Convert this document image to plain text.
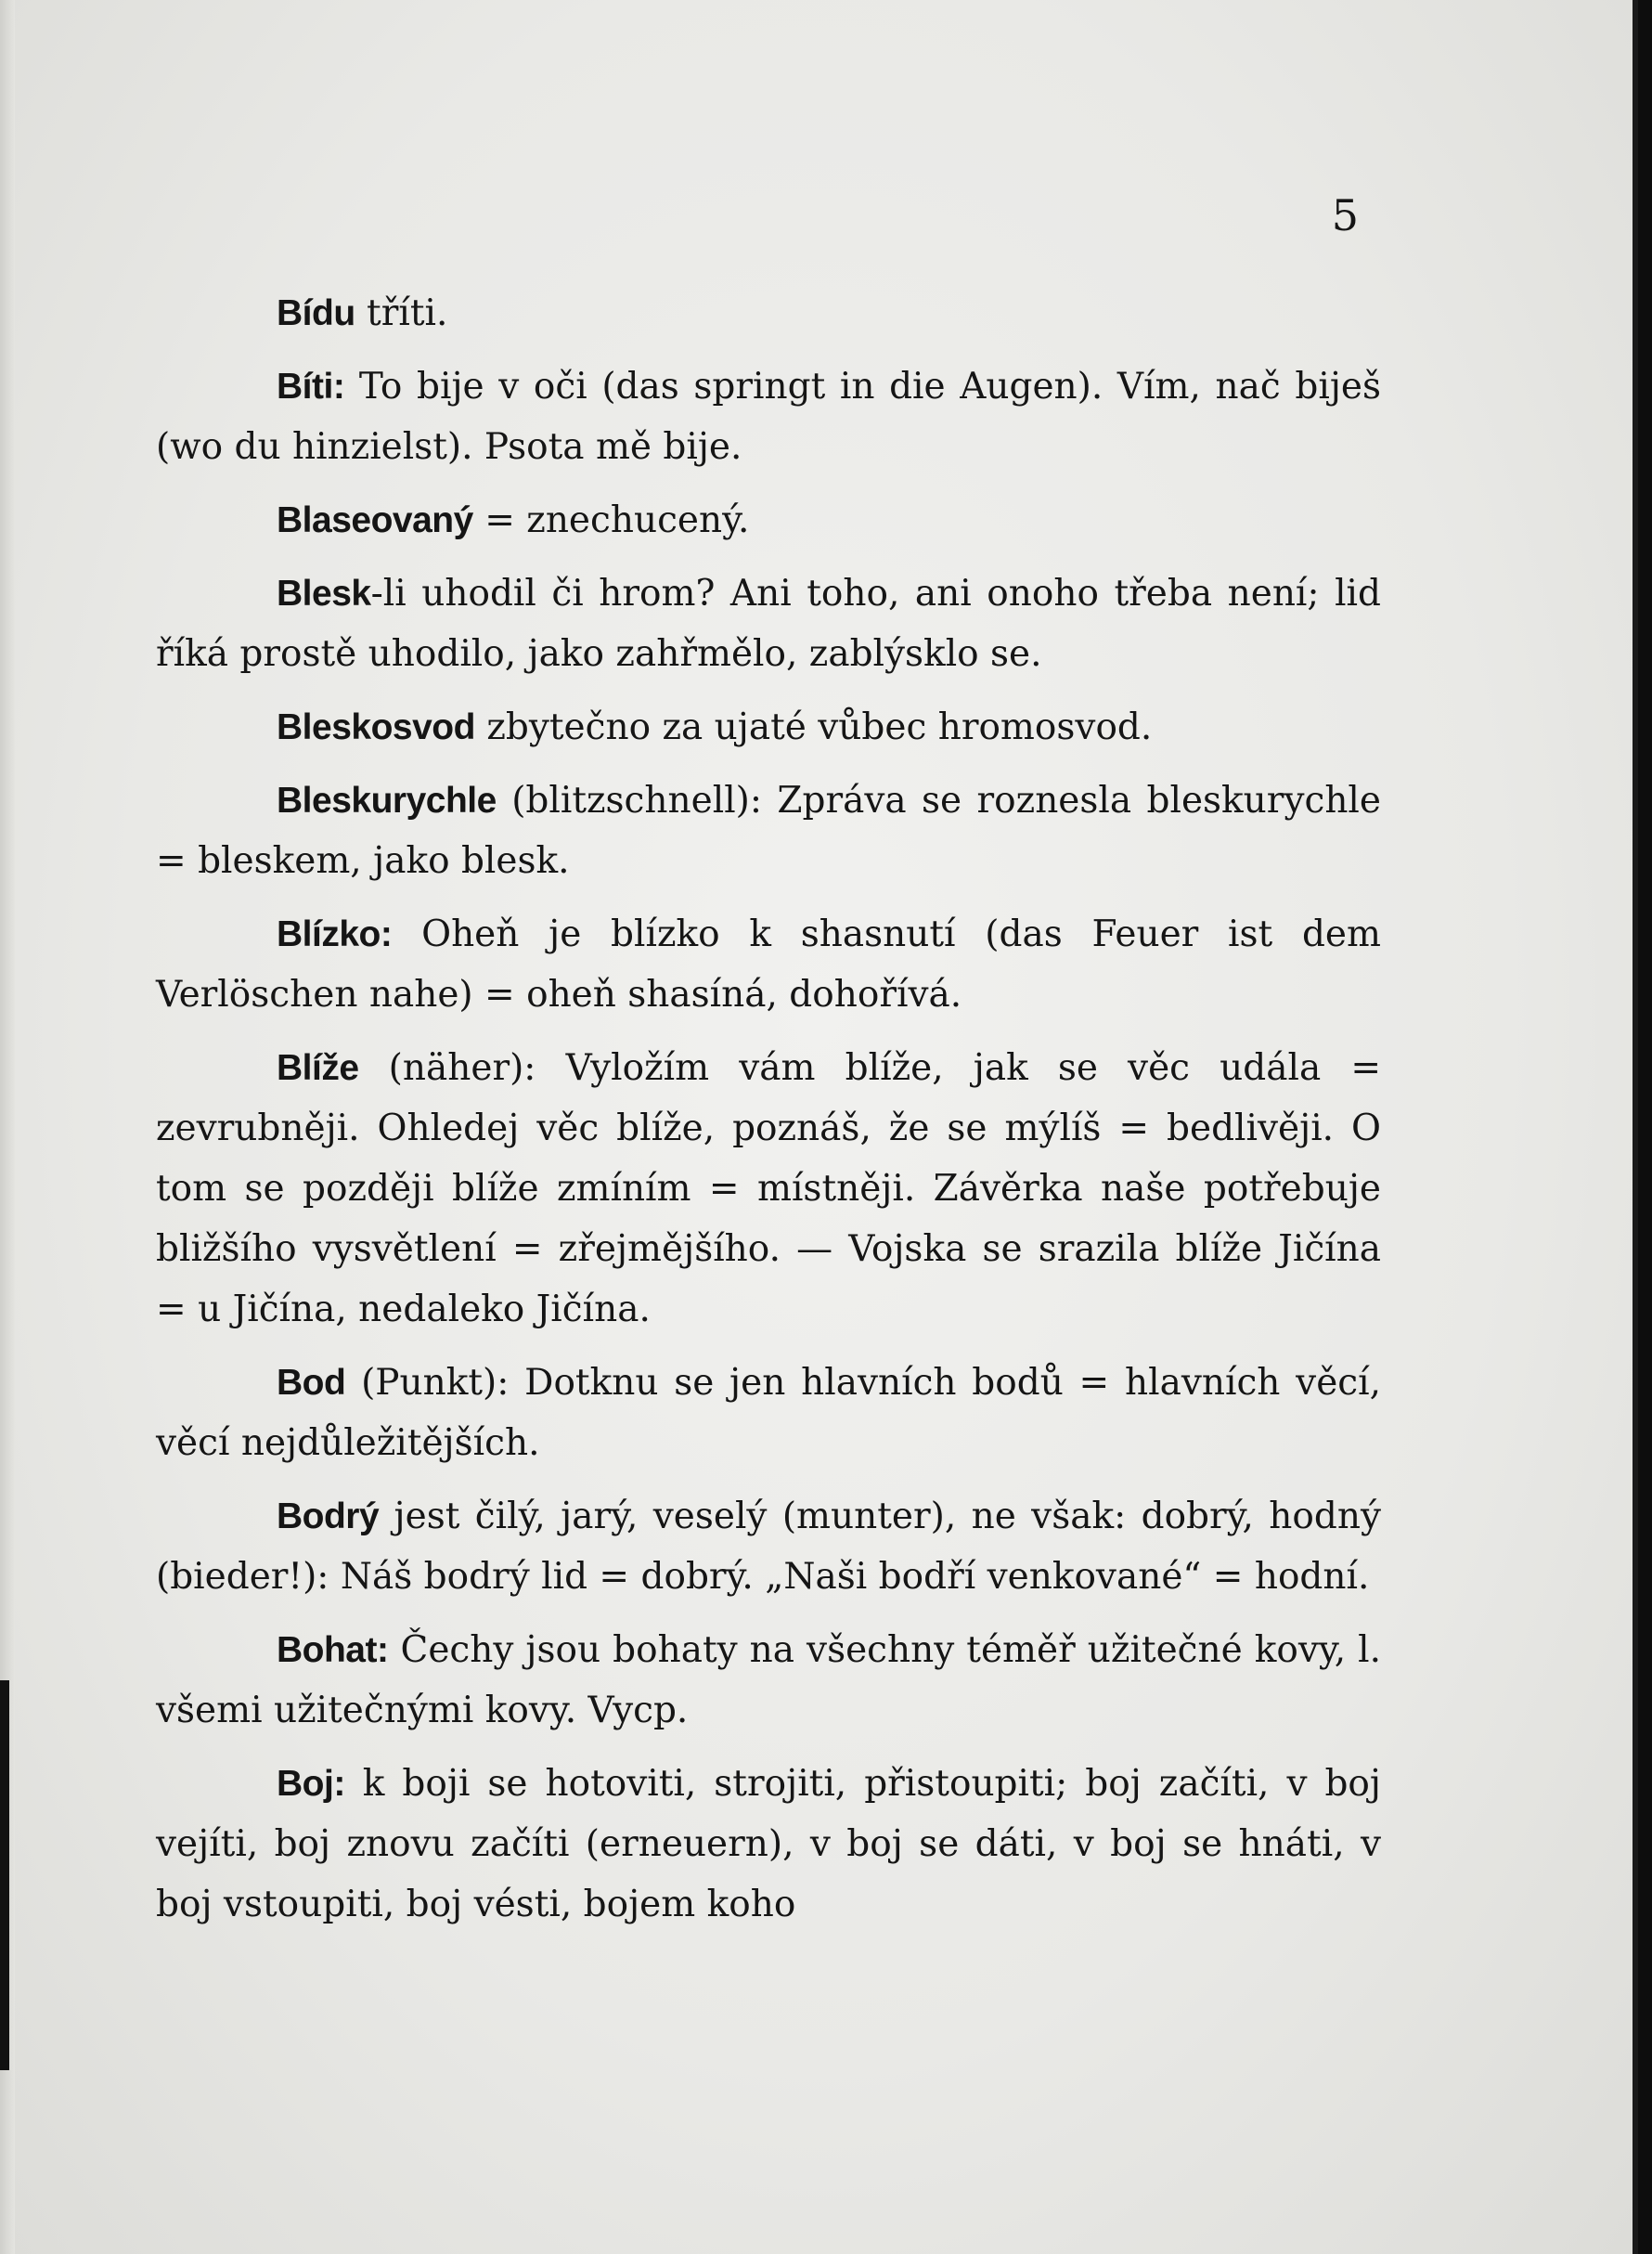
5

Bídu tříti.

Bíti: To bije v oči (das springt in die Augen). Vím, nač biješ (wo du hinzielst). Psota mě bije.

Blaseovaný = znechucený.

Blesk-li uhodil či hrom? Ani toho, ani onoho třeba není; lid říká prostě uhodilo, jako zahřmělo, zablýsklo se.

Bleskosvod zbytečno za ujaté vůbec hromosvod.

Bleskurychle (blitzschnell): Zpráva se roznesla bleskurychle = bleskem, jako blesk.

Blízko: Oheň je blízko k shasnutí (das Feuer ist dem Verlöschen nahe) = oheň shasíná, dohořívá.

Blíže (näher): Vyložím vám blíže, jak se věc udála = zevrubněji. Ohledej věc blíže, poznáš, že se mýlíš = bedlivěji. O tom se později blíže zmíním = místněji. Závěrka naše potřebuje bližšího vysvětlení = zřejmějšího. — Vojska se srazila blíže Jičína = u Jičína, nedaleko Jičína.

Bod (Punkt): Dotknu se jen hlavních bodů = hlavních věcí, věcí nejdůležitějších.

Bodrý jest čilý, jarý, veselý (munter), ne však: dobrý, hodný (bieder!): Náš bodrý lid = dobrý. „Naši bodří venkované“ = hodní.

Bohat: Čechy jsou bohaty na všechny téměř užitečné kovy, l. všemi užitečnými kovy. Vycp.

Boj: k boji se hotoviti, strojiti, přistoupiti; boj začíti, v boj vejíti, boj znovu začíti (erneuern), v boj se dáti, v boj se hnáti, v boj vstoupiti, boj vésti, bojem koho
